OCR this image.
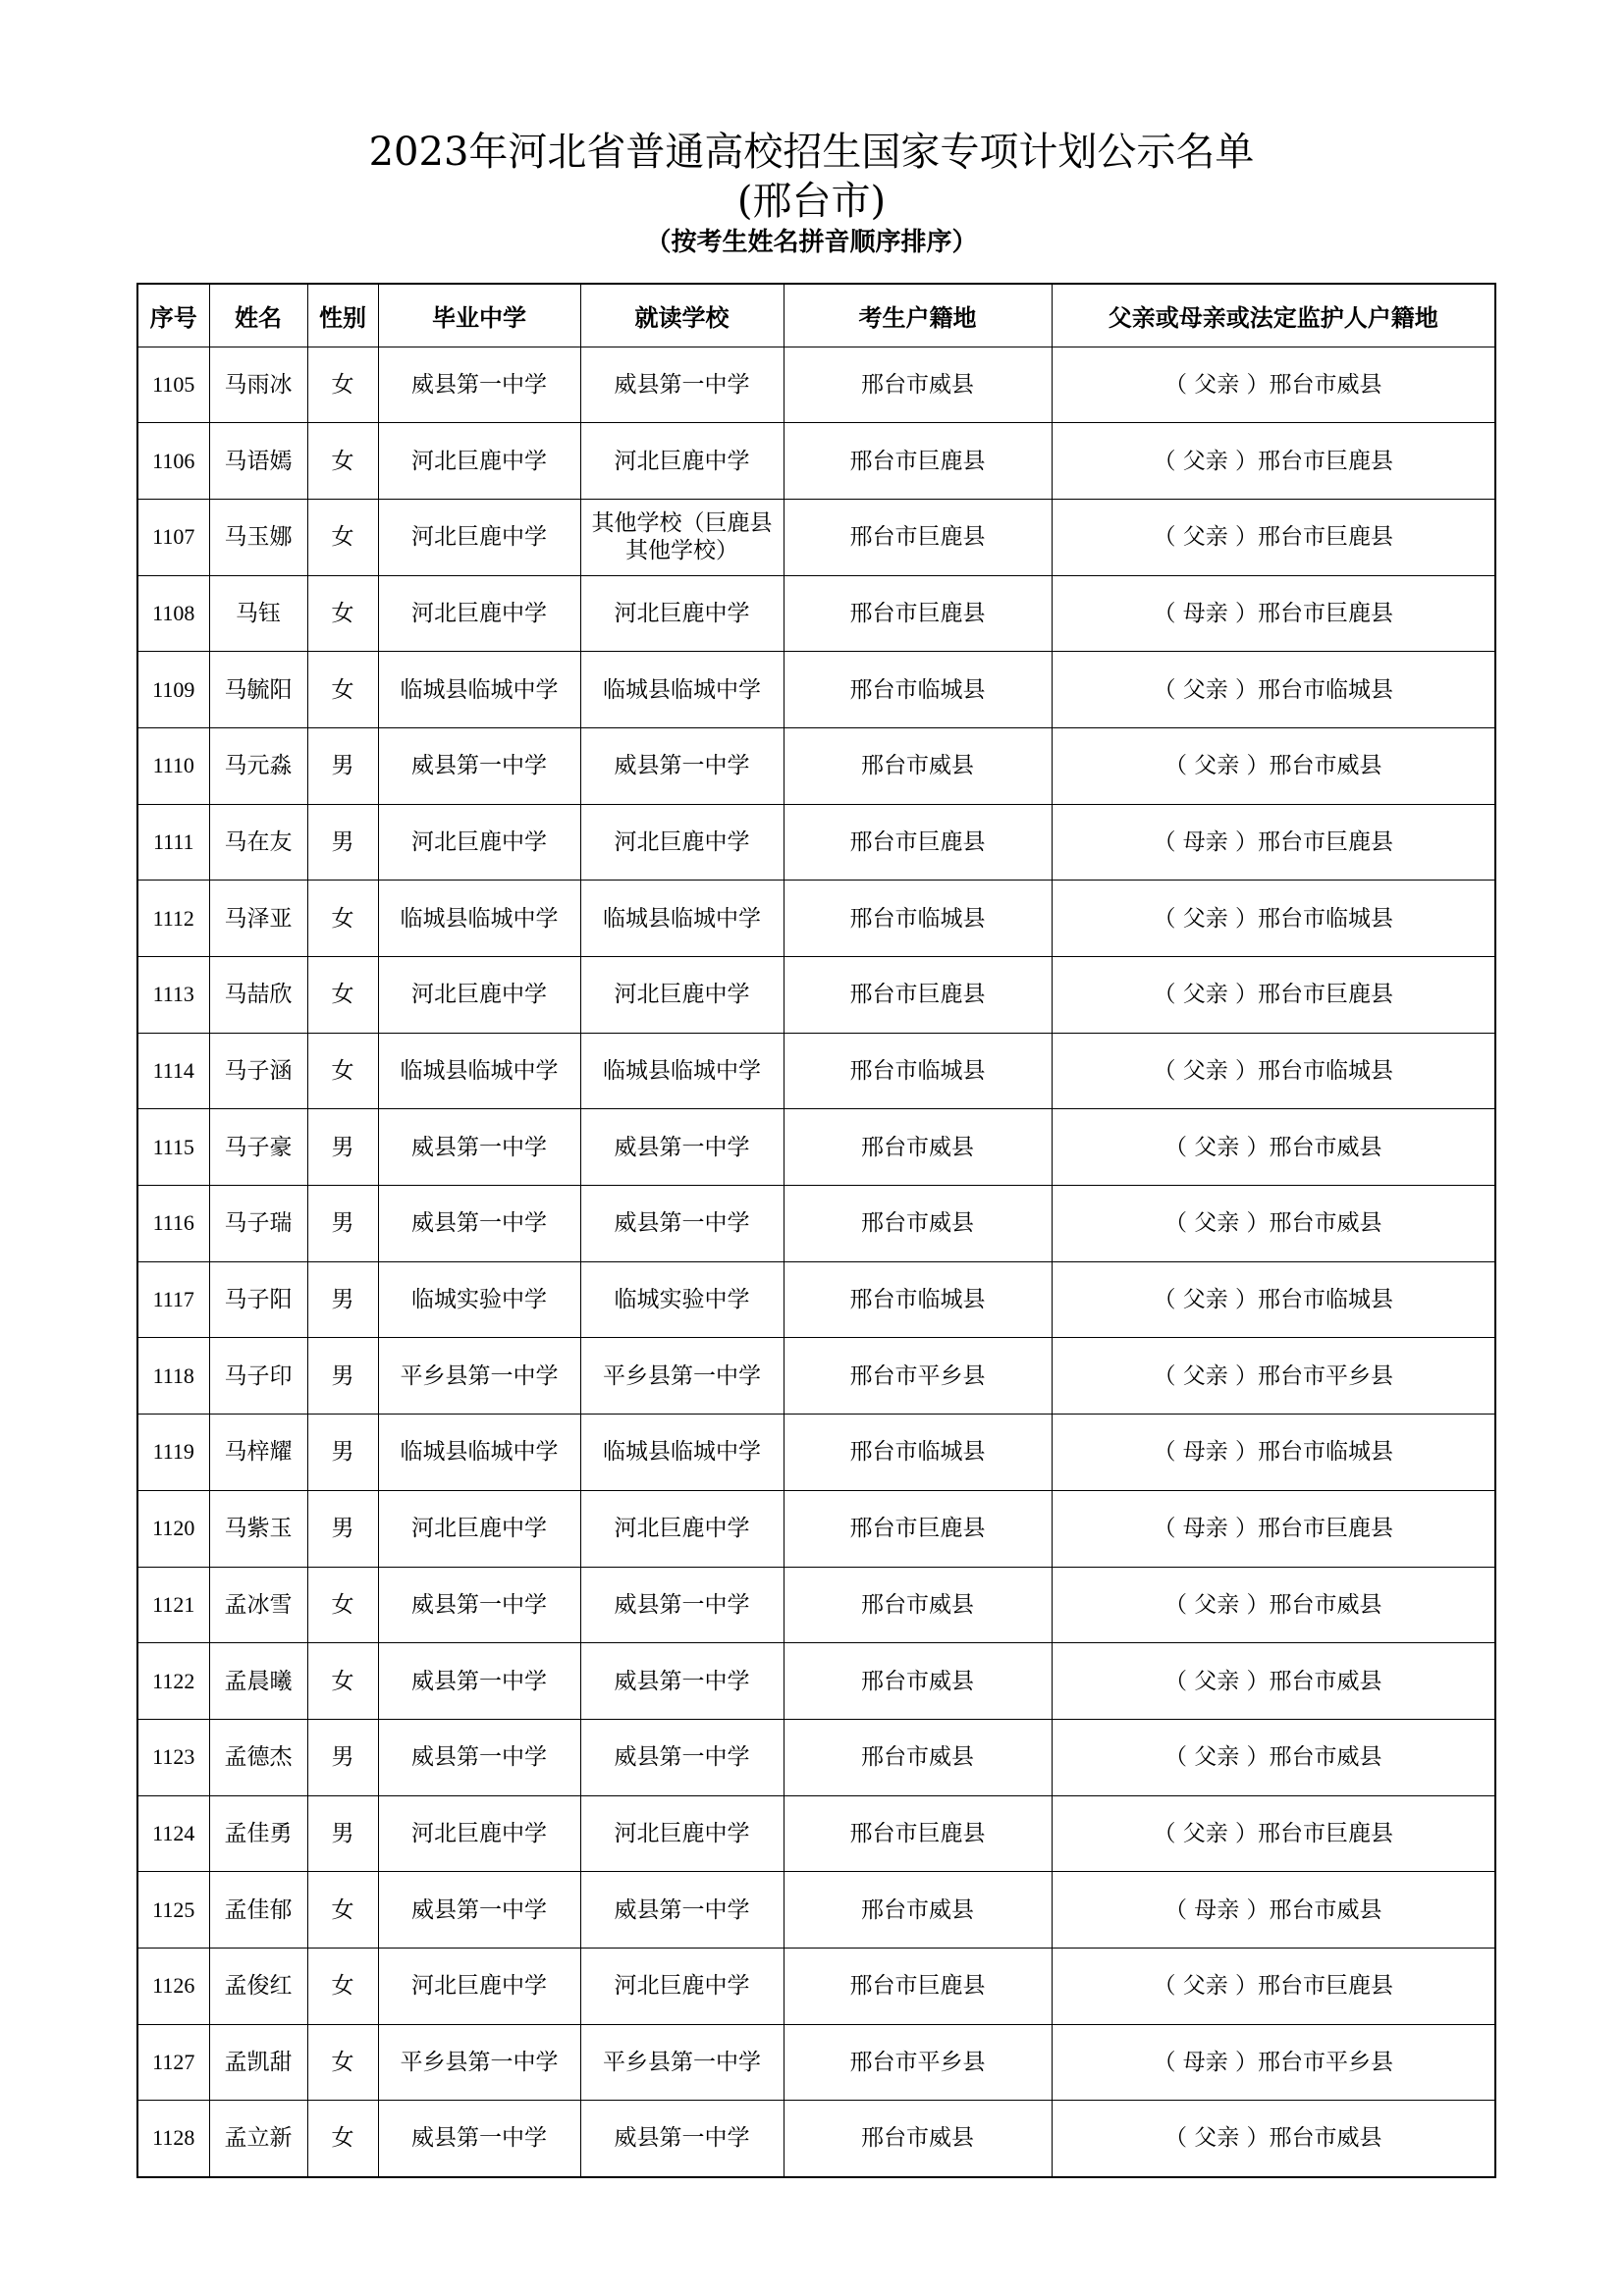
2023年河北省普通高校招生国家专项计划公示名单
(邢台市)
（按考生姓名拼音顺序排序）
序号	姓名	性别	毕业中学	就读学校	考生户籍地	父亲或母亲或法定监护人户籍地
1105	马雨冰	女	威县第一中学	威县第一中学	邢台市威县	（ 父亲 ）邢台市威县
1106	马语嫣	女	河北巨鹿中学	河北巨鹿中学	邢台市巨鹿县	（ 父亲 ）邢台市巨鹿县
1107	马玉娜	女	河北巨鹿中学	其他学校（巨鹿县其他学校）	邢台市巨鹿县	（ 父亲 ）邢台市巨鹿县
1108	马钰	女	河北巨鹿中学	河北巨鹿中学	邢台市巨鹿县	（ 母亲 ）邢台市巨鹿县
1109	马毓阳	女	临城县临城中学	临城县临城中学	邢台市临城县	（ 父亲 ）邢台市临城县
1110	马元淼	男	威县第一中学	威县第一中学	邢台市威县	（ 父亲 ）邢台市威县
1111	马在友	男	河北巨鹿中学	河北巨鹿中学	邢台市巨鹿县	（ 母亲 ）邢台市巨鹿县
1112	马泽亚	女	临城县临城中学	临城县临城中学	邢台市临城县	（ 父亲 ）邢台市临城县
1113	马喆欣	女	河北巨鹿中学	河北巨鹿中学	邢台市巨鹿县	（ 父亲 ）邢台市巨鹿县
1114	马子涵	女	临城县临城中学	临城县临城中学	邢台市临城县	（ 父亲 ）邢台市临城县
1115	马子豪	男	威县第一中学	威县第一中学	邢台市威县	（ 父亲 ）邢台市威县
1116	马子瑞	男	威县第一中学	威县第一中学	邢台市威县	（ 父亲 ）邢台市威县
1117	马子阳	男	临城实验中学	临城实验中学	邢台市临城县	（ 父亲 ）邢台市临城县
1118	马子印	男	平乡县第一中学	平乡县第一中学	邢台市平乡县	（ 父亲 ）邢台市平乡县
1119	马梓耀	男	临城县临城中学	临城县临城中学	邢台市临城县	（ 母亲 ）邢台市临城县
1120	马紫玉	男	河北巨鹿中学	河北巨鹿中学	邢台市巨鹿县	（ 母亲 ）邢台市巨鹿县
1121	孟冰雪	女	威县第一中学	威县第一中学	邢台市威县	（ 父亲 ）邢台市威县
1122	孟晨曦	女	威县第一中学	威县第一中学	邢台市威县	（ 父亲 ）邢台市威县
1123	孟德杰	男	威县第一中学	威县第一中学	邢台市威县	（ 父亲 ）邢台市威县
1124	孟佳勇	男	河北巨鹿中学	河北巨鹿中学	邢台市巨鹿县	（ 父亲 ）邢台市巨鹿县
1125	孟佳郁	女	威县第一中学	威县第一中学	邢台市威县	（ 母亲 ）邢台市威县
1126	孟俊红	女	河北巨鹿中学	河北巨鹿中学	邢台市巨鹿县	（ 父亲 ）邢台市巨鹿县
1127	孟凯甜	女	平乡县第一中学	平乡县第一中学	邢台市平乡县	（ 母亲 ）邢台市平乡县
1128	孟立新	女	威县第一中学	威县第一中学	邢台市威县	（ 父亲 ）邢台市威县
